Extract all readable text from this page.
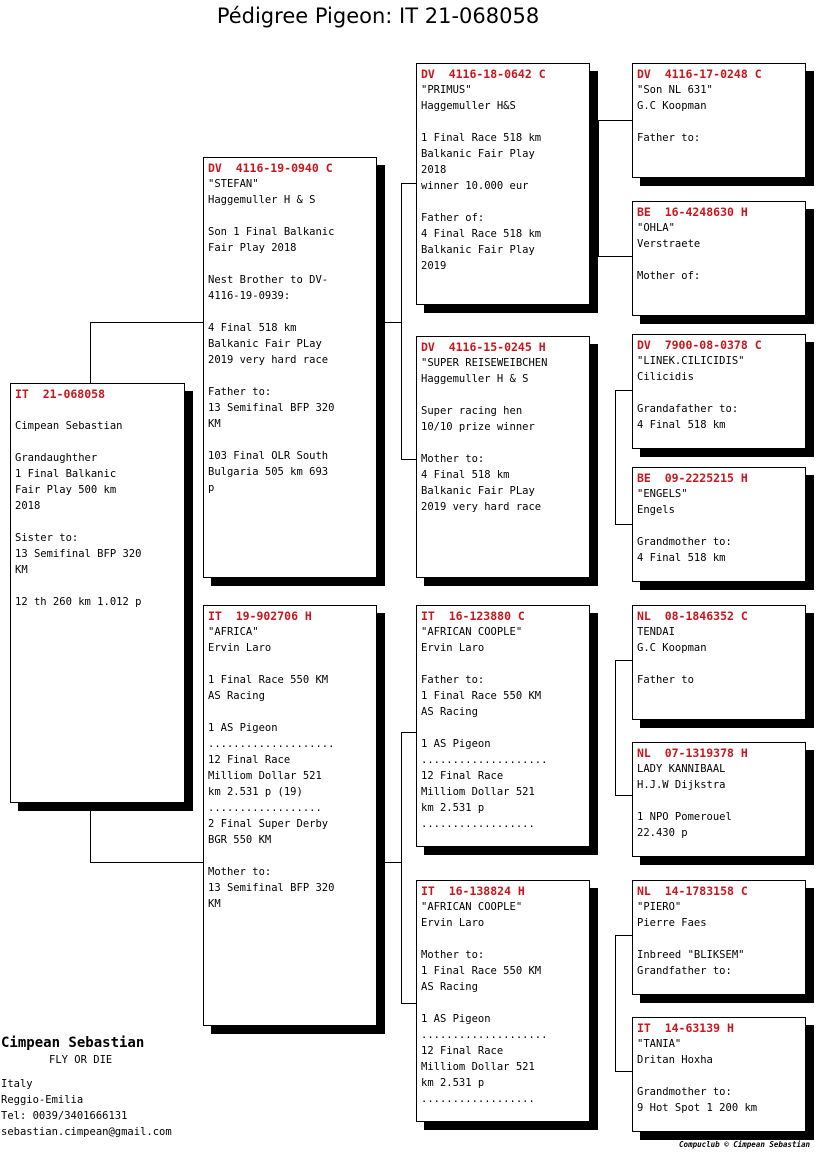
Pédigree Pigeon: IT 21-068058
IT  21-068058
Cimpean Sebastian
Grandaughther
1 Final Balkanic
Fair Play 500 km
2018
Sister to:
13 Semifinal BFP 320
KM
12 th 260 km 1.012 p
DV  4116-19-0940 C
"STEFAN"
Haggemuller H & S
Son 1 Final Balkanic
Fair Play 2018
Nest Brother to DV-
4116-19-0939:
4 Final 518 km
Balkanic Fair PLay
2019 very hard race
Father to:
13 Semifinal BFP 320
KM
103 Final OLR South
Bulgaria 505 km 693
p
IT  19-902706 H
"AFRICA"
Ervin Laro
1 Final Race 550 KM
AS Racing
1 AS Pigeon
....................
12 Final Race
Milliom Dollar 521
km 2.531 p (19)
..................
2 Final Super Derby
BGR 550 KM
Mother to:
13 Semifinal BFP 320
KM
DV  4116-18-0642 C
"PRIMUS"
Haggemuller H&S
1 Final Race 518 km
Balkanic Fair Play
2018
winner 10.000 eur
Father of:
4 Final Race 518 km
Balkanic Fair Play
2019
DV  4116-15-0245 H
"SUPER REISEWEIBCHEN
Haggemuller H & S
Super racing hen
10/10 prize winner
Mother to:
4 Final 518 km
Balkanic Fair PLay
2019 very hard race
IT  16-123880 C
"AFRICAN COOPLE"
Ervin Laro
Father to:
1 Final Race 550 KM
AS Racing
1 AS Pigeon
....................
12 Final Race
Milliom Dollar 521
km 2.531 p
..................
IT  16-138824 H
"AFRICAN COOPLE"
Ervin Laro
Mother to:
1 Final Race 550 KM
AS Racing
1 AS Pigeon
....................
12 Final Race
Milliom Dollar 521
km 2.531 p
..................
DV  4116-17-0248 C
"Son NL 631"
G.C Koopman
Father to:
BE  16-4248630 H
"OHLA"
Verstraete
Mother of:
DV  7900-08-0378 C
"LINEK.CILICIDIS"
Cilicidis
Grandafather to:
4 Final 518 km
BE  09-2225215 H
"ENGELS"
Engels
Grandmother to:
4 Final 518 km
NL  08-1846352 C
TENDAI
G.C Koopman
Father to
NL  07-1319378 H
LADY KANNIBAAL
H.J.W Dijkstra
1 NPO Pomerouel
22.430 p
NL  14-1783158 C
"PIERO"
Pierre Faes
Inbreed "BLIKSEM"
Grandfather to:
IT  14-63139 H
"TANIA"
Dritan Hoxha
Grandmother to:
9 Hot Spot 1 200 km
Cimpean Sebastian
FLY OR DIE
Italy
Reggio-Emilia
Tel: 0039/3401666131
sebastian.cimpean@gmail.com
Compuclub © Cimpean Sebastian
